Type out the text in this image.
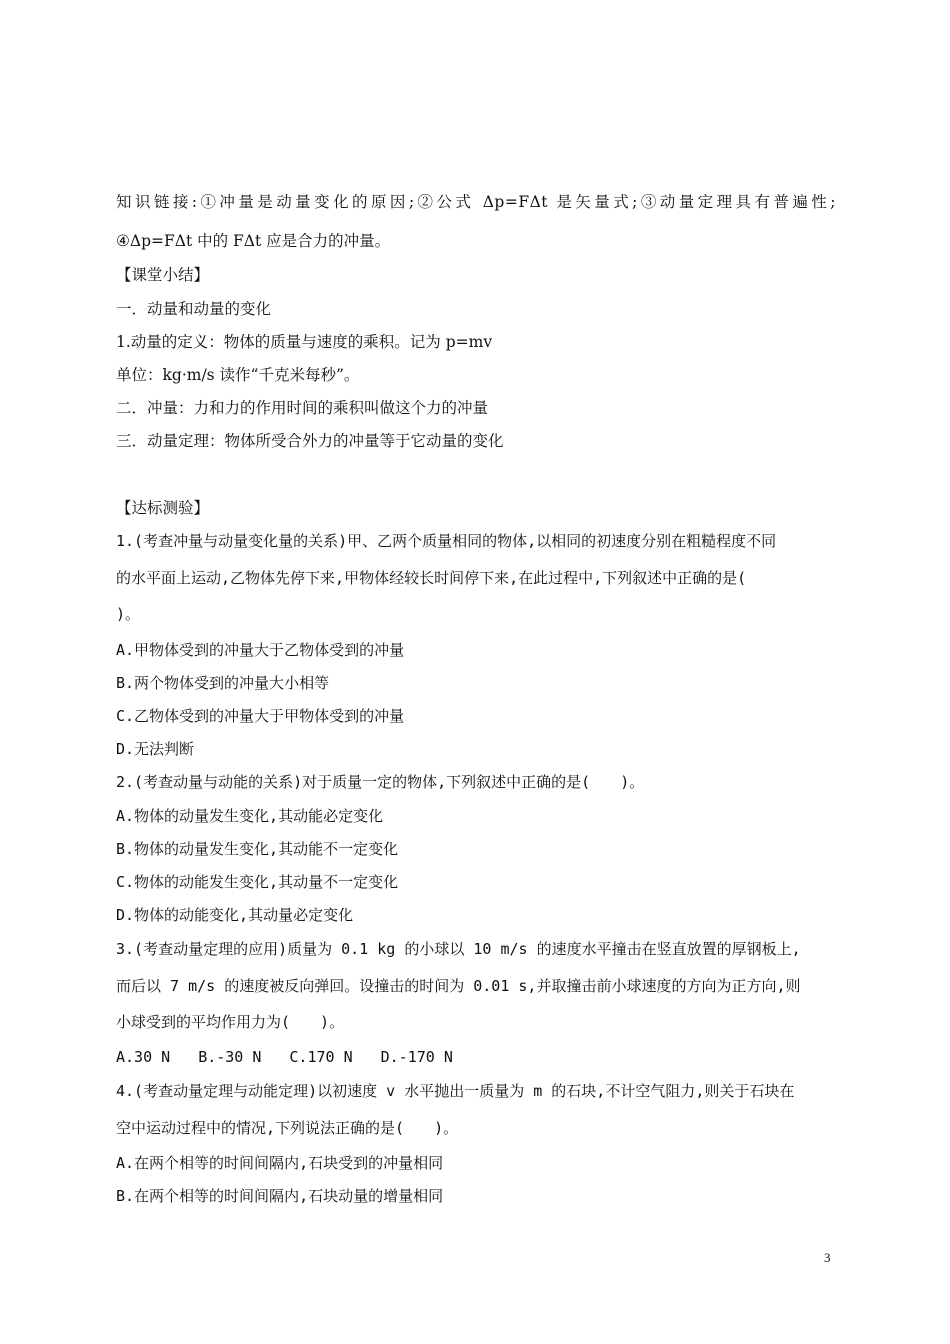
知识链接:①冲量是动量变化的原因;②公式 Δp=FΔt 是矢量式;③动量定理具有普遍性;
④Δp=FΔt 中的 FΔt 应是合力的冲量。
【课堂小结】
一．动量和动量的变化
1.动量的定义：物体的质量与速度的乘积。记为 p=mv
单位：kg·m/s 读作“千克米每秒”。
二．冲量：力和力的作用时间的乘积叫做这个力的冲量
三．动量定理：物体所受合外力的冲量等于它动量的变化
【达标测验】
1.(考查冲量与动量变化量的关系)甲、乙两个质量相同的物体,以相同的初速度分别在粗糙程度不同
的水平面上运动,乙物体先停下来,甲物体经较长时间停下来,在此过程中,下列叙述中正确的是(
)。
A.甲物体受到的冲量大于乙物体受到的冲量
B.两个物体受到的冲量大小相等
C.乙物体受到的冲量大于甲物体受到的冲量
D.无法判断
2.(考查动量与动能的关系)对于质量一定的物体,下列叙述中正确的是(　　)。
A.物体的动量发生变化,其动能必定变化
B.物体的动量发生变化,其动能不一定变化
C.物体的动能发生变化,其动量不一定变化
D.物体的动能变化,其动量必定变化
3.(考查动量定理的应用)质量为 0.1 kg 的小球以 10 m/s 的速度水平撞击在竖直放置的厚钢板上,
而后以 7 m/s 的速度被反向弹回。设撞击的时间为 0.01 s,并取撞击前小球速度的方向为正方向,则
小球受到的平均作用力为(　　)。
A.30 N B.-30 N C.170 N D.-170 N
4.(考查动量定理与动能定理)以初速度 v 水平抛出一质量为 m 的石块,不计空气阻力,则关于石块在
空中运动过程中的情况,下列说法正确的是(　　)。
A.在两个相等的时间间隔内,石块受到的冲量相同
B.在两个相等的时间间隔内,石块动量的增量相同
3
